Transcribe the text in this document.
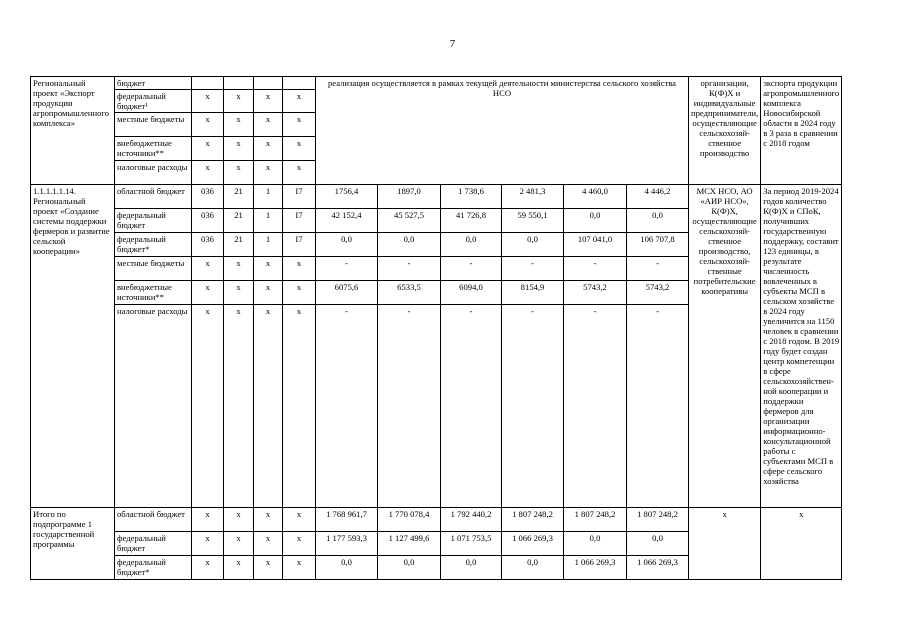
7
Региональный проект «Экспорт продукции агропромышленного комплекса»	бюджет					реализация осуществляется в рамках текущей деятельности министерства сельского хозяйства НСО						организации, К(Ф)Х и индивидуальные предприниматели, осуществляющие сельскохозяй-ственное производство	экспорта продукции агропромышленного комплекса Новосибирской области в 2024 году в 3 раза в сравнении с 2018 годом
	федеральный бюджет¹	х	х	х	х								
	местные бюджеты	х	х	х	х								
	внебюджетные источники**	х	х	х	х								
	налоговые расходы	х	х	х	х								
1.1.1.1.1.14. Региональный проект «Создание системы поддержки фермеров и развитие сельской кооперации»	областной бюджет	036	21	1	I7	1756,4	1897,0	1 738,6	2 481,3	4 460,0	4 446,2	МСХ НСО, АО «АИР НСО», К(Ф)Х, осуществляющие сельскохозяй-ственное производство, сельскохозяй-ственные потребительские кооперативы	За период 2019-2024 годов количество К(Ф)Х и СПоК, получивших государственную поддержку, составит 123 единицы, в результате численность вовлеченных в субъекты МСП в сельском хозяйстве в 2024 году увеличится на 1150 человек в сравнении с 2018 годом. В 2019 году будет создан центр компетенции в сфере сельскохозяйствен-ной кооперации и поддержки фермеров для организации информационно-консультационной работы с субъектами МСП в сфере сельского хозяйства
	федеральный бюджет	036	21	1	I7	42 152,4	45 527,5	41 726,8	59 550,1	0,0	0,0		
	федеральный бюджет*	036	21	1	I7	0,0	0,0	0,0	0,0	107 041,0	106 707,8		
	местные бюджеты	х	х	х	х	-	-	-	-	-	-		
	внебюджетные источники**	х	х	х	х	6075,6	6533,5	6094,0	8154,9	5743,2	5743,2		
	налоговые расходы	х	х	х	х	-	-	-	-	-	-		
Итого по подпрограмме 1 государственной программы	областной бюджет	х	х	х	х	1 768 961,7	1 770 078,4	1 792 440,2	1 807 248,2	1 807 248,2	1 807 248,2	х	х
	федеральный бюджет	х	х	х	х	1 177 593,3	1 127 499,6	1 071 753,5	1 066 269,3	0,0	0,0		
	федеральный бюджет*	х	х	х	х	0,0	0,0	0,0	0,0	1 066 269,3	1 066 269,3		
